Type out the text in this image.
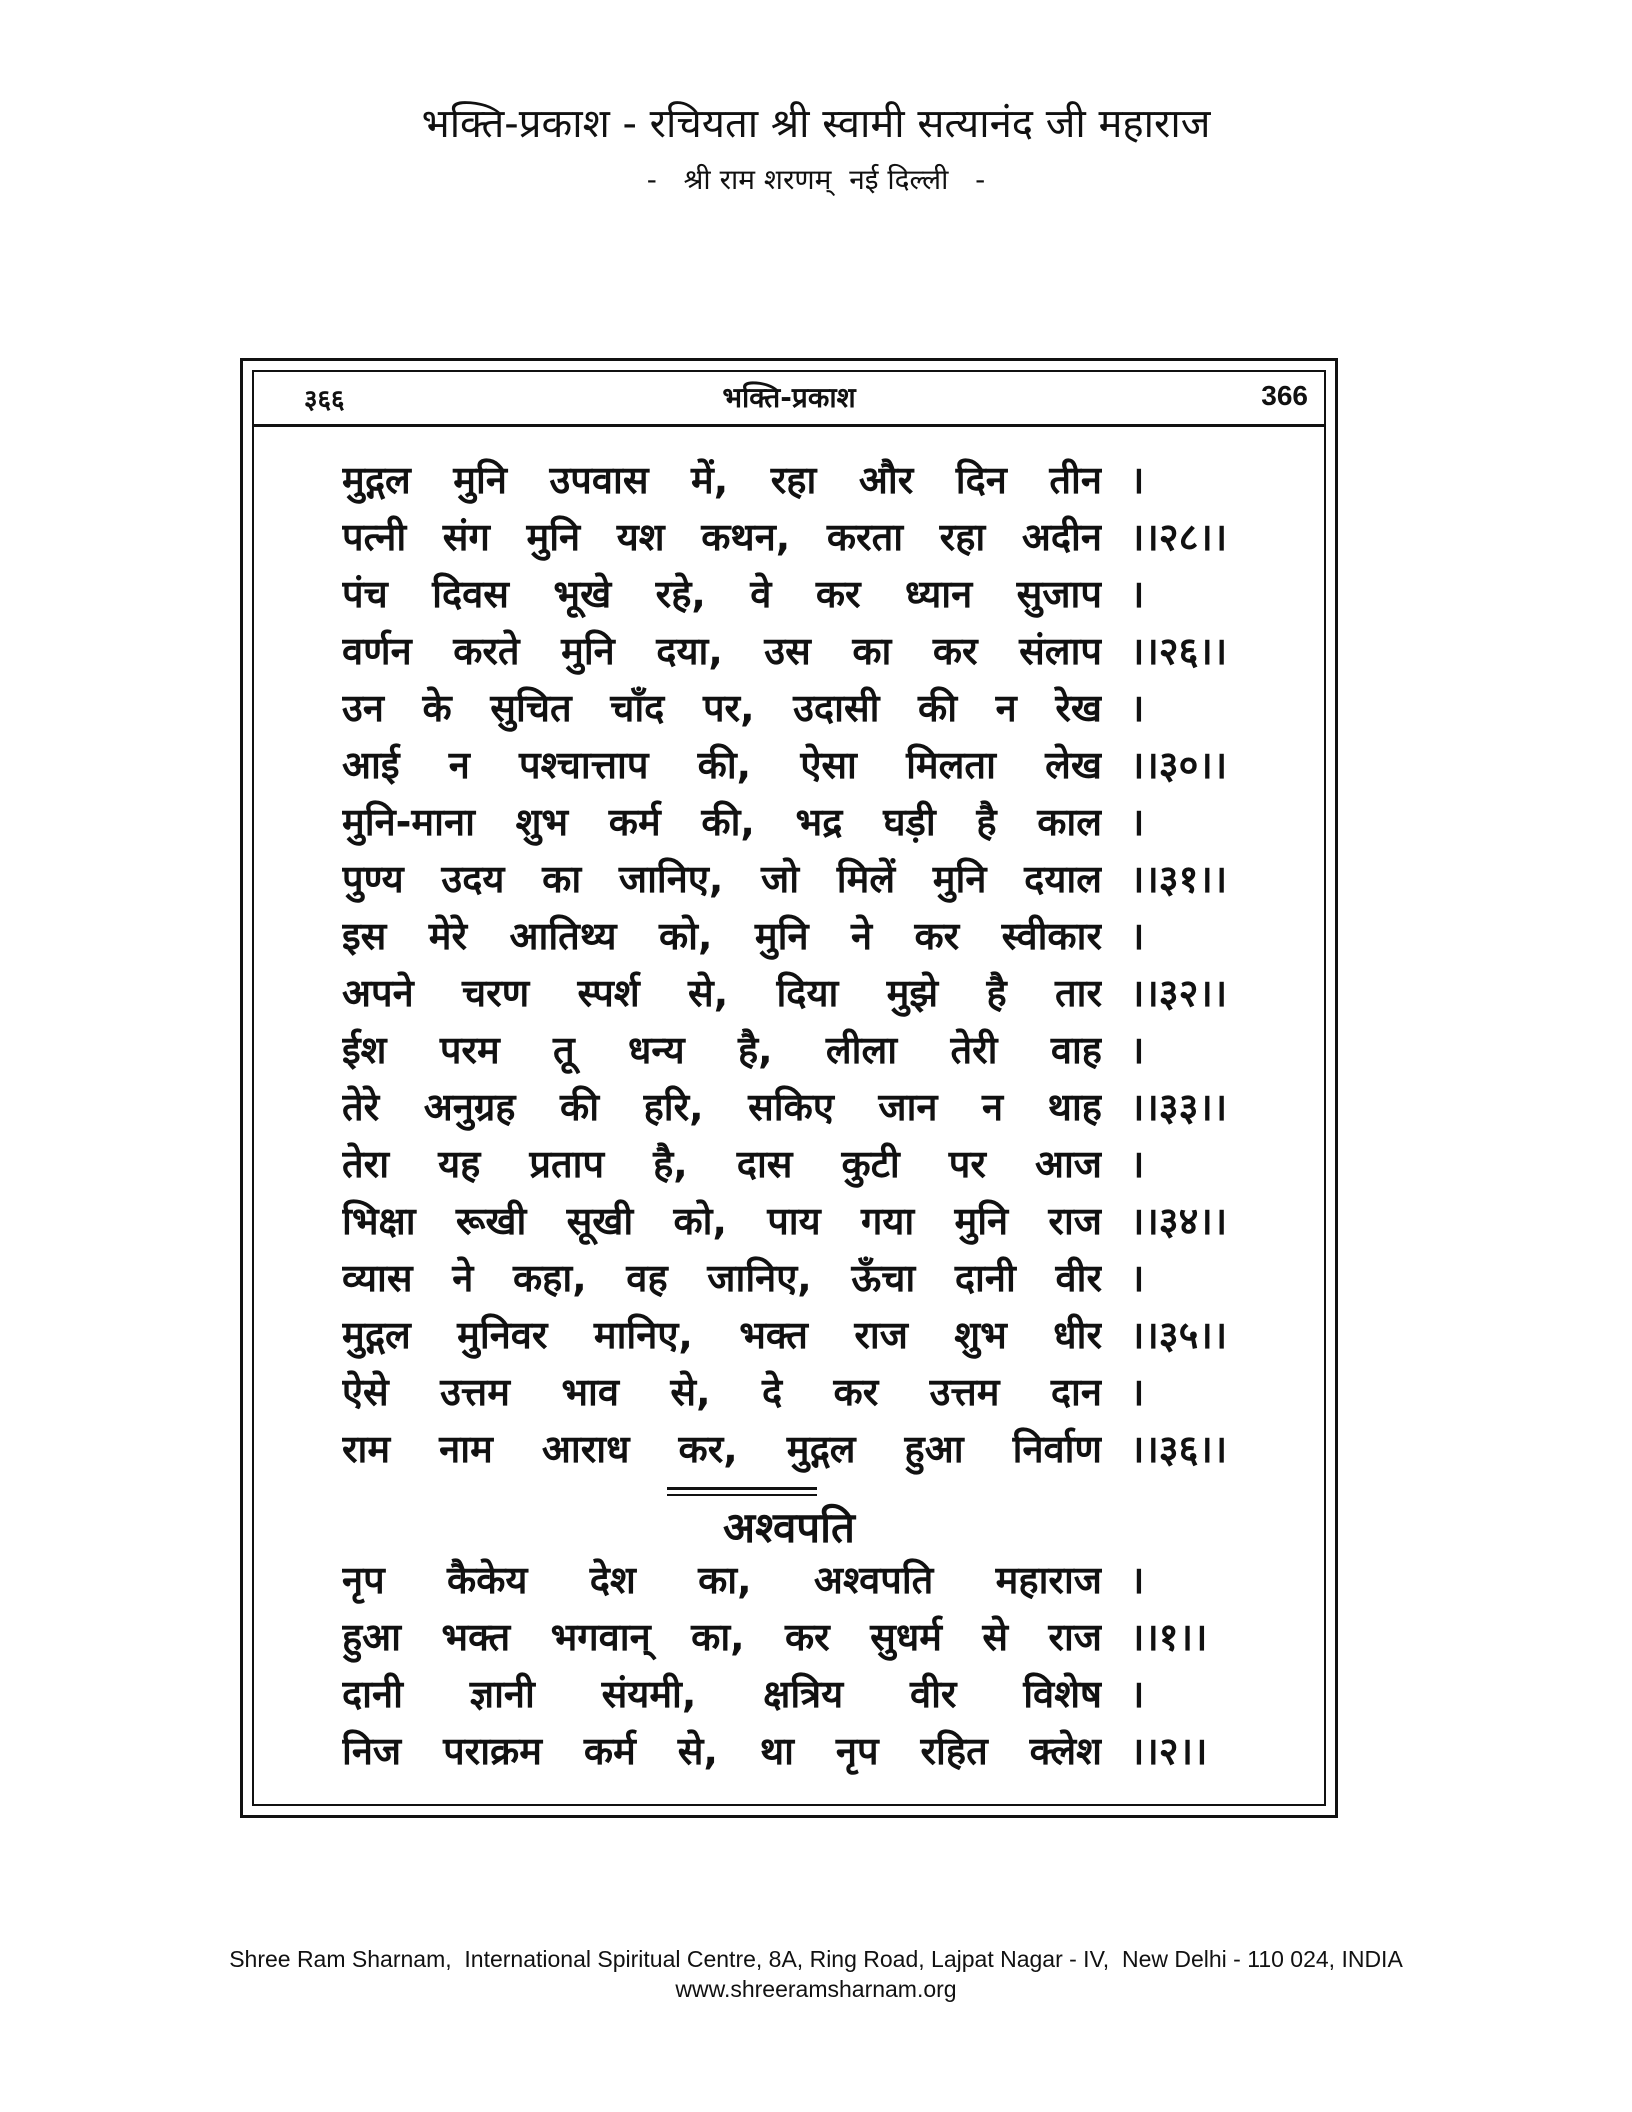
भक्ति-प्रकाश - रचियता श्री स्वामी सत्यानंद जी महाराज
-   श्री राम शरणम्  नई दिल्ली   -
३६६	भक्ति-प्रकाश	366
मुद्गल मुनि उपवास में, रहा और दिन तीन ।
पत्नी संग मुनि यश कथन, करता रहा अदीन ।।२८।।
पंच दिवस भूखे रहे, वे कर ध्यान सुजाप ।
वर्णन करते मुनि दया, उस का कर संलाप ।।२६।।
उन के सुचित चाँद पर, उदासी की न रेख ।
आई न पश्चात्ताप की, ऐसा मिलता लेख ।।३०।।
मुनि-माना शुभ कर्म की, भद्र घड़ी है काल ।
पुण्य उदय का जानिए, जो मिलें मुनि दयाल ।।३१।।
इस मेरे आतिथ्य को, मुनि ने कर स्वीकार ।
अपने चरण स्पर्श से, दिया मुझे है तार ।।३२।।
ईश परम तू धन्य है, लीला तेरी वाह ।
तेरे अनुग्रह की हरि, सकिए जान न थाह ।।३३।।
तेरा यह प्रताप है, दास कुटी पर आज ।
भिक्षा रूखी सूखी को, पाय गया मुनि राज ।।३४।।
व्यास ने कहा, वह जानिए, ऊँचा दानी वीर ।
मुद्गल मुनिवर मानिए, भक्त राज शुभ धीर ।।३५।।
ऐसे उत्तम भाव से, दे कर उत्तम दान ।
राम नाम आराध कर, मुद्गल हुआ निर्वाण ।।३६।।
अश्वपति
नृप कैकेय देश का, अश्वपति महाराज ।
हुआ भक्त भगवान् का, कर सुधर्म से राज ।।१।।
दानी ज्ञानी संयमी, क्षत्रिय वीर विशेष ।
निज पराक्रम कर्म से, था नृप रहित क्लेश ।।२।।
Shree Ram Sharnam,  International Spiritual Centre, 8A, Ring Road, Lajpat Nagar - IV,  New Delhi - 110 024, INDIA
www.shreeramsharnam.org
